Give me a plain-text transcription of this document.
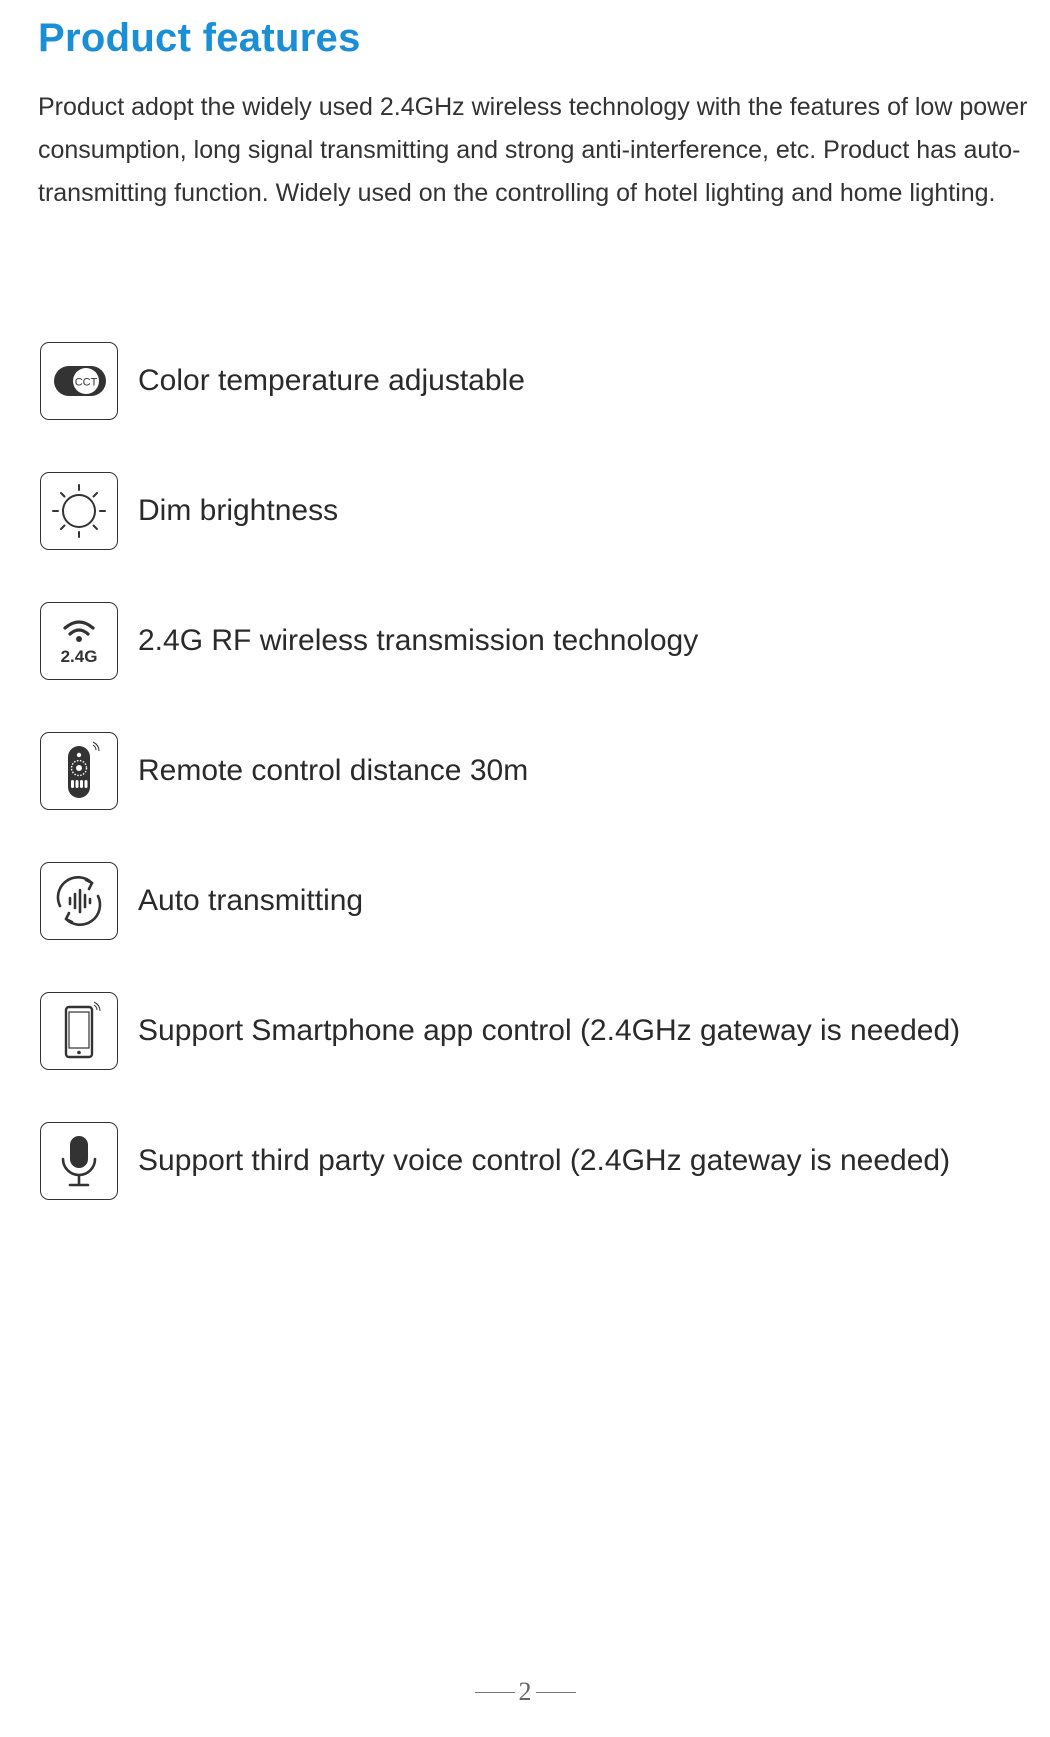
Product features

Product adopt the widely used 2.4GHz wireless technology with the features of low power consumption, long signal transmitting and strong anti-interference, etc. Product has auto-transmitting function. Widely used on the controlling of hotel lighting and home lighting.

CCT Color temperature adjustable
Dim brightness
2.4G 2.4G RF wireless transmission technology
Remote control distance 30m
Auto transmitting
Support Smartphone app control (2.4GHz gateway is needed)
Support third party voice control (2.4GHz gateway is needed)
2
